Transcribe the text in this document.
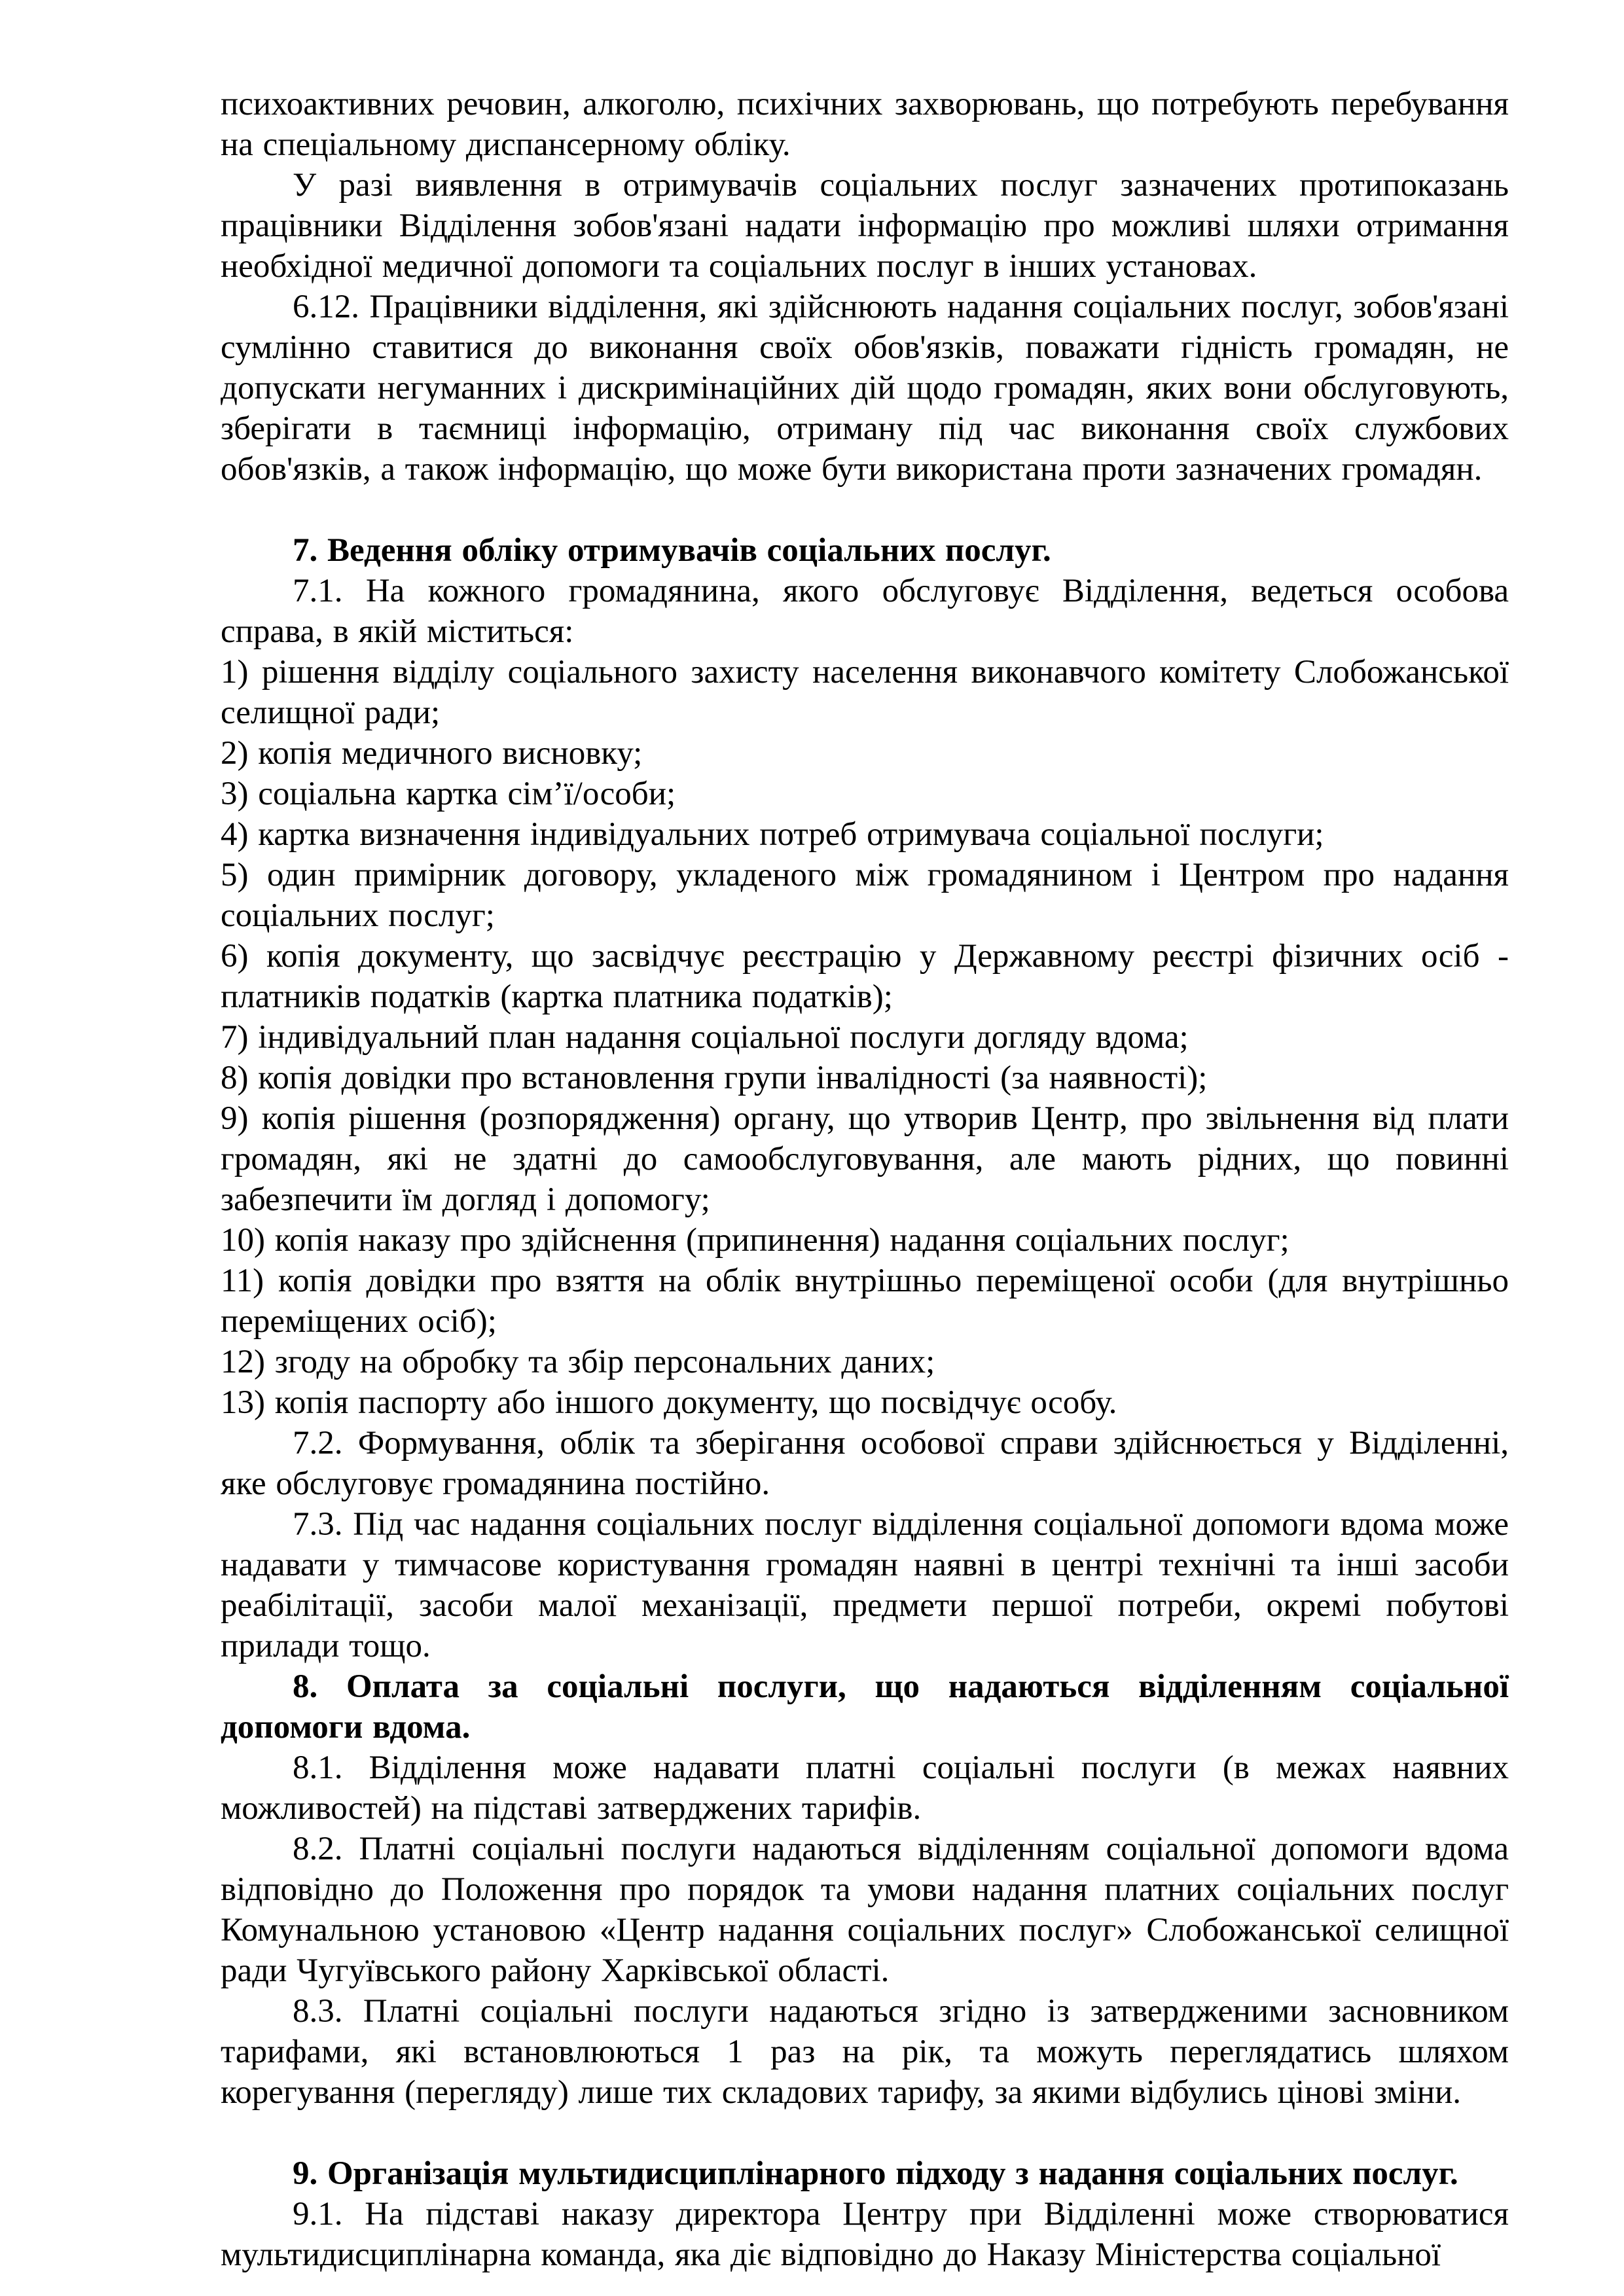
психоактивних речовин, алкоголю, психічних захворювань, що потребують перебування на спеціальному диспансерному обліку.

У разі виявлення в отримувачів соціальних послуг зазначених протипоказань працівники Відділення зобов'язані надати інформацію про можливі шляхи отримання необхідної медичної допомоги та соціальних послуг в інших установах.

6.12. Працівники відділення, які здійснюють надання соціальних послуг, зобов'язані сумлінно ставитися до виконання своїх обов'язків, поважати гідність громадян, не допускати негуманних і дискримінаційних дій щодо громадян, яких вони обслуговують, зберігати в таємниці інформацію, отриману під час виконання своїх службових обов'язків, а також інформацію, що може бути використана проти зазначених громадян.

7. Ведення обліку отримувачів соціальних послуг.

7.1. На кожного громадянина, якого обслуговує Відділення, ведеться особова справа, в якій міститься:

1) рішення відділу соціального захисту населення виконавчого комітету Слобожанської селищної ради;

2) копія медичного висновку;

3) соціальна картка сім’ї/особи;

4) картка визначення індивідуальних потреб отримувача соціальної послуги;

5) один примірник договору, укладеного між громадянином і Центром про надання соціальних послуг;

6) копія документу, що засвідчує реєстрацію у Державному реєстрі фізичних осіб - платників податків (картка платника податків);

7) індивідуальний план надання соціальної послуги догляду вдома;

8) копія довідки про встановлення групи інвалідності (за наявності);

9) копія рішення (розпорядження) органу, що утворив Центр, про звільнення від плати громадян, які не здатні до самообслуговування, але мають рідних, що повинні забезпечити їм догляд і допомогу;

10) копія наказу про здійснення (припинення) надання соціальних послуг;

11) копія довідки про взяття на облік внутрішньо переміщеної особи (для внутрішньо переміщених осіб);

12) згоду на обробку та збір персональних даних;

13) копія паспорту або іншого документу, що посвідчує особу.

7.2. Формування, облік та зберігання особової справи здійснюється у Відділенні, яке обслуговує громадянина постійно.

7.3. Під час надання соціальних послуг відділення соціальної допомоги вдома може надавати у тимчасове користування громадян наявні в центрі технічні та інші засоби реабілітації, засоби малої механізації, предмети першої потреби, окремі побутові прилади тощо.

8. Оплата за соціальні послуги, що надаються відділенням соціальної допомоги вдома.

8.1. Відділення може надавати платні соціальні послуги (в межах наявних можливостей) на підставі затверджених тарифів.

8.2. Платні соціальні послуги надаються відділенням соціальної допомоги вдома відповідно до Положення про порядок та умови надання платних соціальних послуг Комунальною установою «Центр надання соціальних послуг» Слобожанської селищної ради Чугуївського району Харківської області.

8.3. Платні соціальні послуги надаються згідно із затвердженими засновником тарифами, які встановлюються 1 раз на рік, та можуть переглядатись шляхом корегування (перегляду) лише тих складових тарифу, за якими відбулись цінові зміни.

9. Організація мультидисциплінарного підходу з надання соціальних послуг.

9.1. На підставі наказу директора Центру при Відділенні може створюватися мультидисциплінарна команда, яка діє відповідно до Наказу Міністерства соціальної
